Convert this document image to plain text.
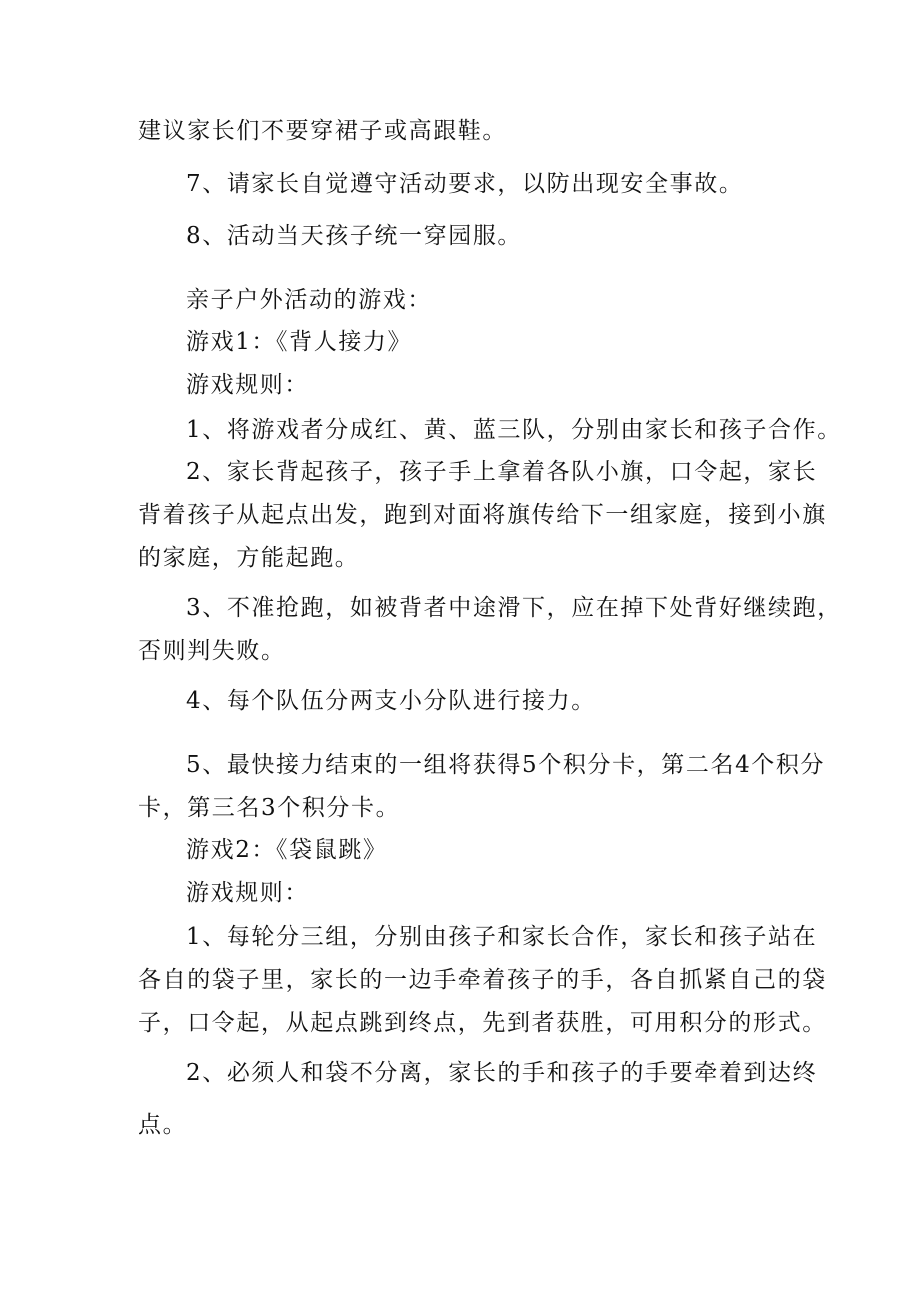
建议家长们不要穿裙子或高跟鞋。
7、请家长自觉遵守活动要求，以防出现安全事故。
8、活动当天孩子统一穿园服。
亲子户外活动的游戏：
游戏1：《背人接力》
游戏规则：
1、将游戏者分成红、黄、蓝三队，分别由家长和孩子合作。
2、家长背起孩子，孩子手上拿着各队小旗，口令起，家长
背着孩子从起点出发，跑到对面将旗传给下一组家庭，接到小旗
的家庭，方能起跑。
3、不准抢跑，如被背者中途滑下，应在掉下处背好继续跑，
否则判失败。
4、每个队伍分两支小分队进行接力。
5、最快接力结束的一组将获得5个积分卡，第二名4个积分
卡，第三名3个积分卡。
游戏2：《袋鼠跳》
游戏规则：
1、每轮分三组，分别由孩子和家长合作，家长和孩子站在
各自的袋子里，家长的一边手牵着孩子的手，各自抓紧自己的袋
子，口令起，从起点跳到终点，先到者获胜，可用积分的形式。
2、必须人和袋不分离，家长的手和孩子的手要牵着到达终
点。
